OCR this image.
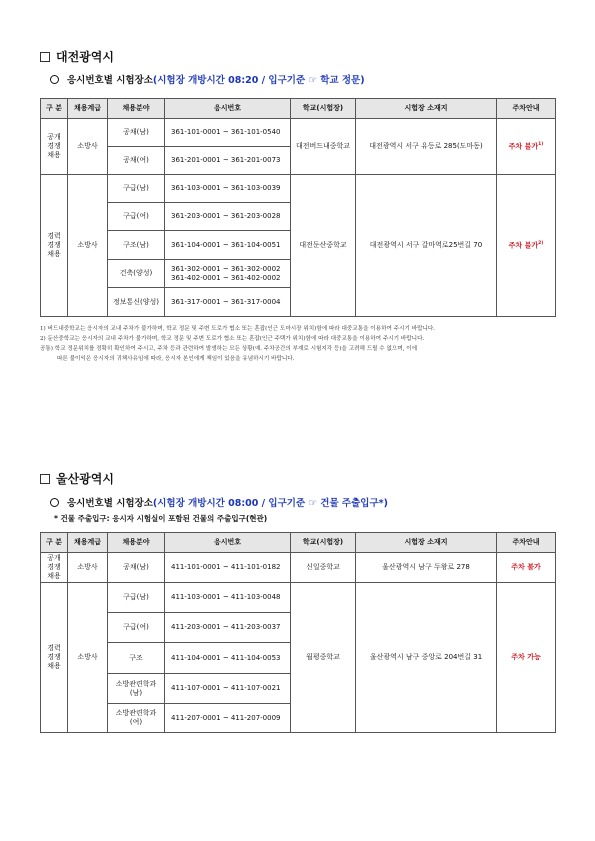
대전광역시
응시번호별 시험장소 (시험장 개방시간 08:20 / 입구기준 ☞ 학교 정문)
구 분	채용계급	채용분야	응시번호	학교(시험장)	시험장 소재지	주차안내
공개
경쟁
채용	소방사	공채(남)	361-101-0001 ~ 361-101-0540	대전버드내중학교	대전광역시 서구 유등로 285(도마동)	주차 불가$^{1)}$
		공채(여)	361-201-0001 ~ 361-201-0073			
경력
경쟁
채용	소방사	구급(남)	361-103-0001 ~ 361-103-0039	대전둔산중학교	대전광역시 서구 갈마역로25번길 70	주차 불가$^{2)}$
		구급(여)	361-203-0001 ~ 361-203-0028			
		구조(남)	361-104-0001 ~ 361-104-0051			
		건축(양성)	361-302-0001 ~ 361-302-0002
361-402-0001 ~ 361-402-0002			
		정보통신(양성)	361-317-0001 ~ 361-317-0004			
1) 버드내중학교는 응시자의 교내 주차가 불가하며, 학교 정문 및 주변 도로가 협소 또는 혼잡(인근 도마시장 위치)함에 따라 대중교통을 이용하여 주시기 바랍니다.
2) 둔산중학교는 응시자의 교내 주차가 불가하며, 학교 정문 및 주변 도로가 협소 또는 혼잡(인근 주택가 위치)함에 따라 대중교통을 이용하여 주시기 바랍니다.
공통) 학교 정문위치를 정확히 확인하여 주시고, 주차 등과 관련하여 발생하는 모든 상황(예. 주차공간의 부재로 시험지각 등)을 고려해 드릴 수 없으며, 이에
따른 불이익은 응시자의 귀책사유임에 따라, 응시자 본인에게 책임이 있음을 유념하시기 바랍니다.
울산광역시
응시번호별 시험장소 (시험장 개방시간 08:00 / 입구기준 ☞ 건물 주출입구*)
* 건물 주출입구: 응시자 시험실이 포함된 건물의 주출입구(현관)
구 분	채용계급	채용분야	응시번호	학교(시험장)	시험장 소재지	주차안내
공개
경쟁
채용	소방사	공채(남)	411-101-0001 ~ 411-101-0182	신일중학교	울산광역시 남구 두왕로 278	주차 불가
경력
경쟁
채용	소방사	구급(남)	411-103-0001 ~ 411-103-0048	월평중학교	울산광역시 남구 중앙로 204번길 31	주차 가능
		구급(여)	411-203-0001 ~ 411-203-0037			
		구조	411-104-0001 ~ 411-104-0053			
		소방관련학과(남)	411-107-0001 ~ 411-107-0021			
		소방관련학과(여)	411-207-0001 ~ 411-207-0009			
